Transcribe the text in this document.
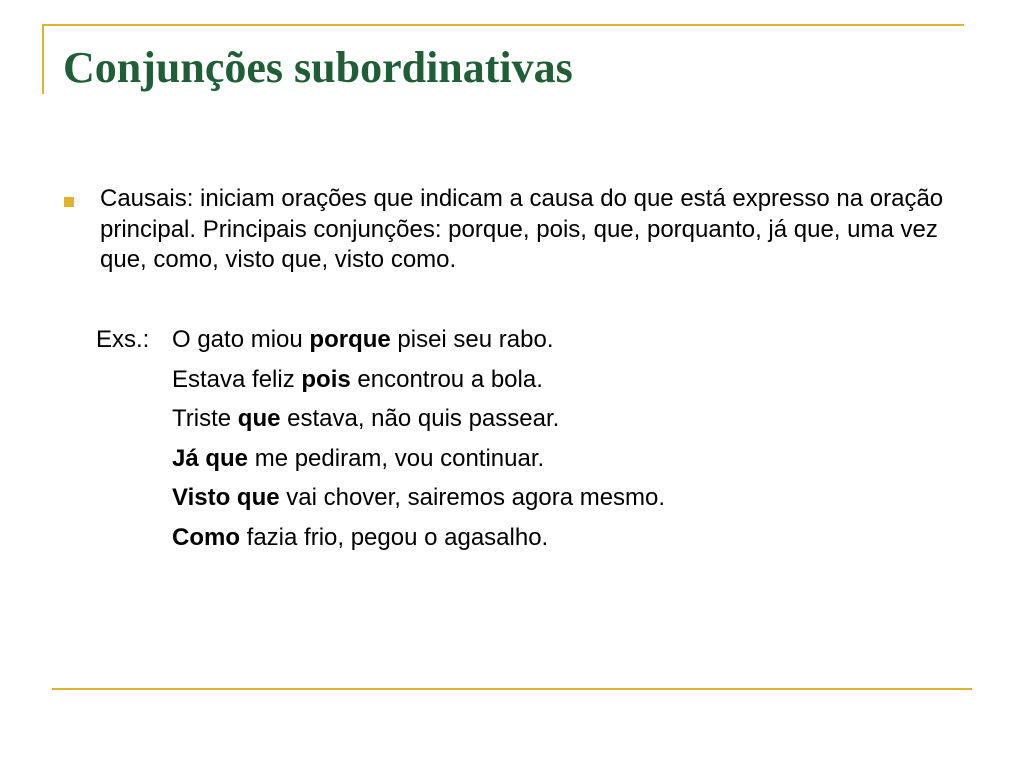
Conjunções subordinativas
Causais: iniciam orações que indicam a causa do que está expresso na oração principal. Principais conjunções: porque, pois, que, porquanto, já que, uma vez que, como, visto que, visto como.
Exs.: O gato miou porque pisei seu rabo.
Estava feliz pois encontrou a bola.
Triste que estava, não quis passear.
Já que me pediram, vou continuar.
Visto que vai chover, sairemos agora mesmo.
Como fazia frio, pegou o agasalho.
